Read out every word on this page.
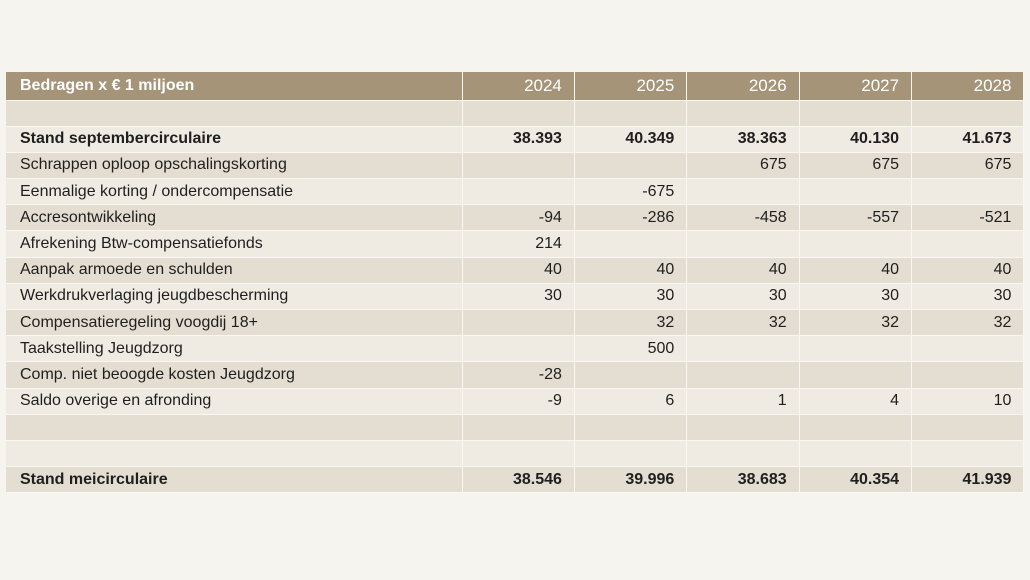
Bedragen x € 1 miljoen	2024	2025	2026	2027	2028

Stand septembercirculaire	38.393	40.349	38.363	40.130	41.673
Schrappen oploop opschalingskorting			675	675	675
Eenmalige korting / ondercompensatie		-675			
Accresontwikkeling	-94	-286	-458	-557	-521
Afrekening Btw-compensatiefonds	214				
Aanpak armoede en schulden	40	40	40	40	40
Werkdrukverlaging jeugdbescherming	30	30	30	30	30
Compensatieregeling voogdij 18+		32	32	32	32
Taakstelling Jeugdzorg		500			
Comp. niet beoogde kosten Jeugdzorg	-28				
Saldo overige en afronding	-9	6	1	4	10

Stand meicirculaire	38.546	39.996	38.683	40.354	41.939
